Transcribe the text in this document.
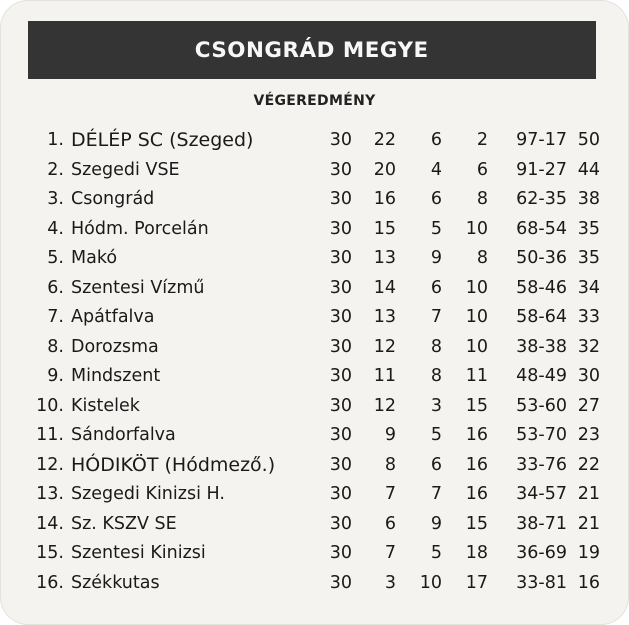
CSONGRÁD MEGYE
VÉGEREDMÉNY
1. DÉLÉP SC (Szeged)	30	22	6	2	97-17 50
2. Szegedi VSE	30	20	4	6	91-27 44
3. Csongrád	30	16	6	8	62-35 38
4. Hódm. Porcelán	30	15	5	10	68-54 35
5. Makó	30	13	9	8	50-36 35
6. Szentesi Vízmű	30	14	6	10	58-46 34
7. Apátfalva	30	13	7	10	58-64 33
8. Dorozsma	30	12	8	10	38-38 32
9. Mindszent	30	11	8	11	48-49 30
10. Kistelek	30	12	3	15	53-60 27
11. Sándorfalva	30	9	5	16	53-70 23
12. HÓDIKÖT (Hódmező.)	30	8	6	16	33-76 22
13. Szegedi Kinizsi H.	30	7	7	16	34-57 21
14. Sz. KSZV SE	30	6	9	15	38-71 21
15. Szentesi Kinizsi	30	7	5	18	36-69 19
16. Székkutas	30	3	10	17	33-81 16
